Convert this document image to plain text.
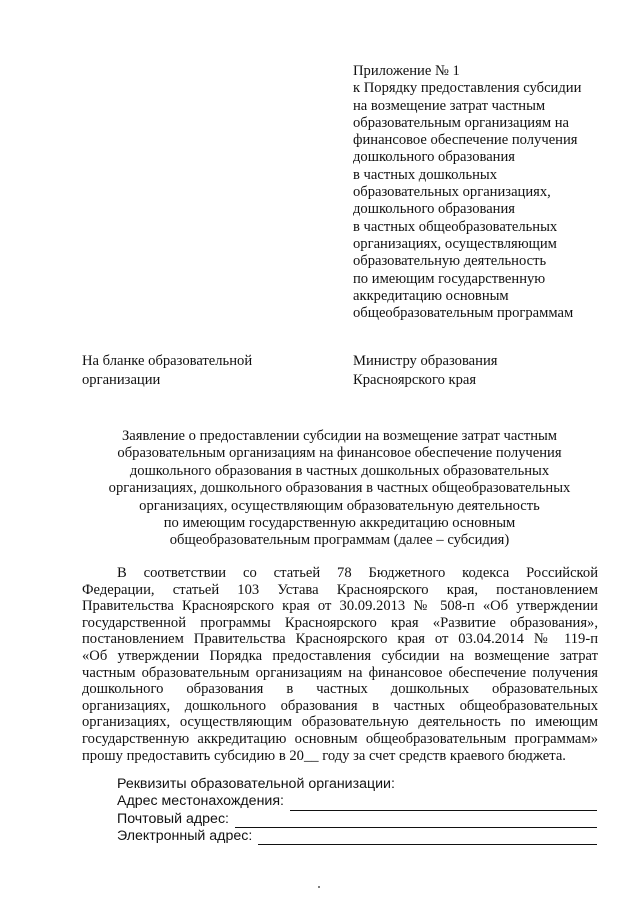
Приложение № 1
к Порядку предоставления субсидии
на возмещение затрат частным
образовательным организациям на
финансовое обеспечение получения
дошкольного образования
в частных дошкольных
образовательных организациях,
дошкольного образования
в частных общеобразовательных
организациях, осуществляющим
образовательную деятельность
по имеющим государственную
аккредитацию основным
общеобразовательным программам
На бланке образовательной
организации
Министру образования
Красноярского края
Заявление о предоставлении субсидии на возмещение затрат частным
образовательным организациям на финансовое обеспечение получения
дошкольного образования в частных дошкольных образовательных
организациях, дошкольного образования в частных общеобразовательных
организациях, осуществляющим образовательную деятельность
по имеющим государственную аккредитацию основным
общеобразовательным программам (далее – субсидия)
В соответствии со статьей 78 Бюджетного кодекса Российской
Федерации, статьей 103 Устава Красноярского края, постановлением
Правительства Красноярского края от 30.09.2013 № 508-п «Об утверждении
государственной программы Красноярского края «Развитие образования»,
постановлением Правительства Красноярского края от 03.04.2014 № 119-п
«Об утверждении Порядка предоставления субсидии на возмещение затрат
частным образовательным организациям на финансовое обеспечение получения
дошкольного образования в частных дошкольных образовательных
организациях, дошкольного образования в частных общеобразовательных
организациях, осуществляющим образовательную деятельность по имеющим
государственную аккредитацию основным общеобразовательным программам»
прошу предоставить субсидию в 20__ году за счет средств краевого бюджета.
Реквизиты образовательной организации:
Адрес местонахождения:
Почтовый адрес:
Электронный адрес:
